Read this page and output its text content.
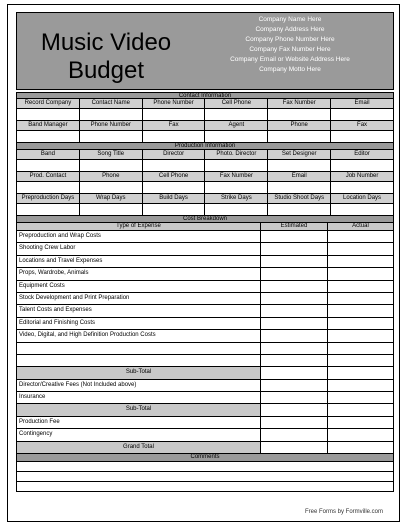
Music Video
Budget
Company Name Here
Company Address Here
Company Phone Number Here
Company Fax Number Here
Company Email or Website Address Here
Company Motto Here
Contact Information
Record Company	Contact Name	Phone Number	Cell Phone	Fax Number	Email
Band Manager	Phone Number	Fax	Agent	Phone	Fax
Production Information
Band	Song Title	Director	Photo. Director	Set Designer	Editor
Prod. Contact	Phone	Cell Phone	Fax Number	Email	Job Number
Preproduction Days	Wrap Days	Build Days	Strike Days	Studio Shoot Days	Location Days
Cost Breakdown
Type of Expense	Estimated	Actual
Preproduction and Wrap Costs
Shooting Crew Labor
Locations and Travel Expenses
Props, Wardrobe, Animals
Equipment Costs
Stock Development and Print Preparation
Talent Costs and Expenses
Editorial and Finishing Costs
Video, Digital, and High Definition Production Costs
Sub-Total
Director/Creative Fees (Not Included above)
Insurance
Sub-Total
Production Fee
Contingency
Grand Total
Comments
Free Forms by Formville.com
